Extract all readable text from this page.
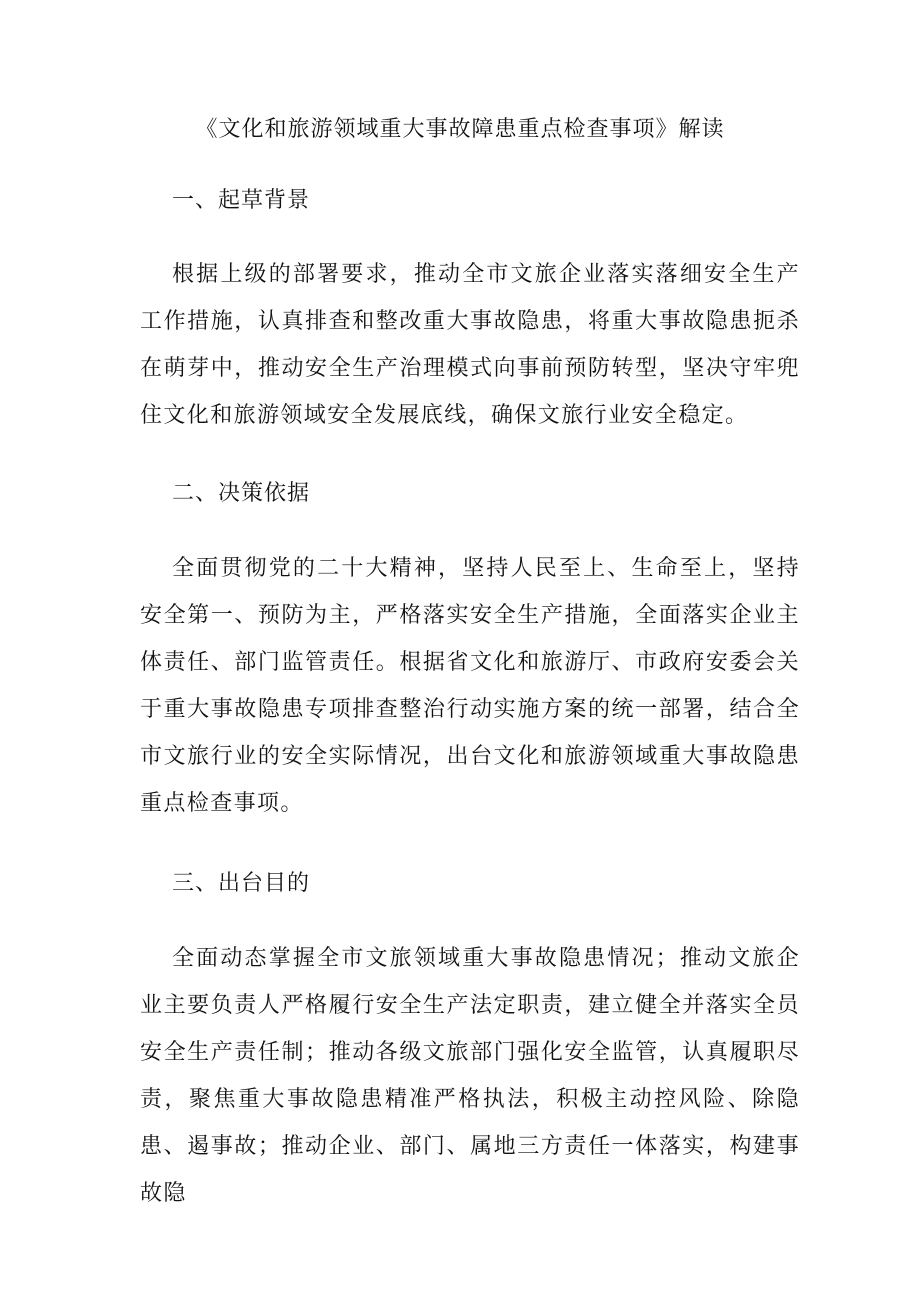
《文化和旅游领域重大事故障患重点检查事项》解读
一、起草背景
根据上级的部署要求，推动全市文旅企业落实落细安全生产工作措施，认真排查和整改重大事故隐患，将重大事故隐患扼杀在萌芽中，推动安全生产治理模式向事前预防转型，坚决守牢兜住文化和旅游领域安全发展底线，确保文旅行业安全稳定。
二、决策依据
全面贯彻党的二十大精神，坚持人民至上、生命至上，坚持安全第一、预防为主，严格落实安全生产措施，全面落实企业主体责任、部门监管责任。根据省文化和旅游厅、市政府安委会关于重大事故隐患专项排查整治行动实施方案的统一部署，结合全市文旅行业的安全实际情况，出台文化和旅游领域重大事故隐患重点检查事项。
三、出台目的
全面动态掌握全市文旅领域重大事故隐患情况；推动文旅企业主要负责人严格履行安全生产法定职责，建立健全并落实全员安全生产责任制；推动各级文旅部门强化安全监管，认真履职尽责，聚焦重大事故隐患精准严格执法，积极主动控风险、除隐患、遏事故；推动企业、部门、属地三方责任一体落实，构建事故隐
